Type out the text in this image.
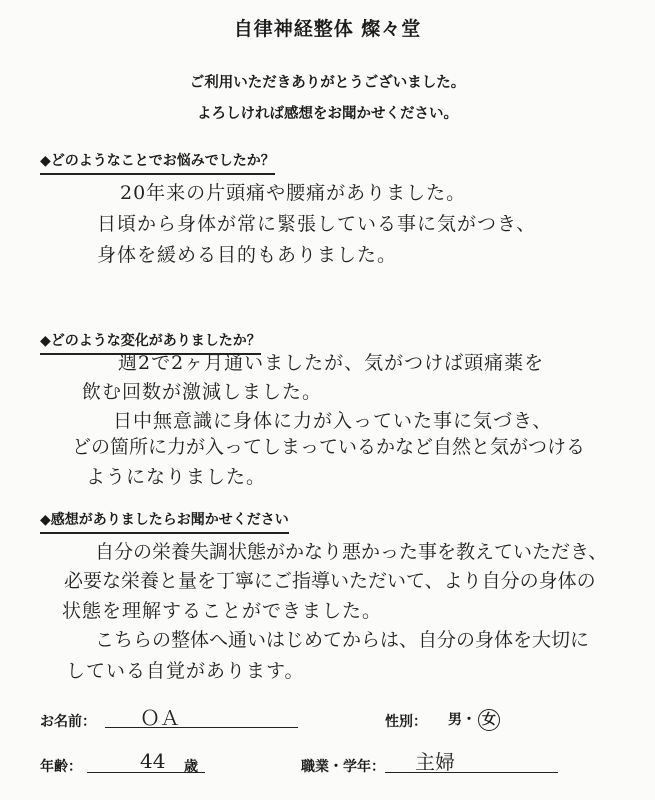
自律神経整体 燦々堂
ご利用いただきありがとうございました。
よろしければ感想をお聞かせください。
◆どのようなことでお悩みでしたか？
20年来の片頭痛や腰痛がありました。
日頃から身体が常に緊張している事に気がつき、
身体を緩める目的もありました。
◆どのような変化がありましたか？
週2で2ヶ月通いましたが、気がつけば頭痛薬を
飲む回数が激減しました。
日中無意識に身体に力が入っていた事に気づき、
どの箇所に力が入ってしまっているかなど自然と気がつける
ようになりました。
◆感想がありましたらお聞かせください
自分の栄養失調状態がかなり悪かった事を教えていただき、
必要な栄養と量を丁寧にご指導いただいて、より自分の身体の
状態を理解することができました。
こちらの整体へ通いはじめてからは、自分の身体を大切に
している自覚があります。
お名前： ＯＡ	性別： 男・ 女
年齢：	44 歳	職業・学年： 主婦
